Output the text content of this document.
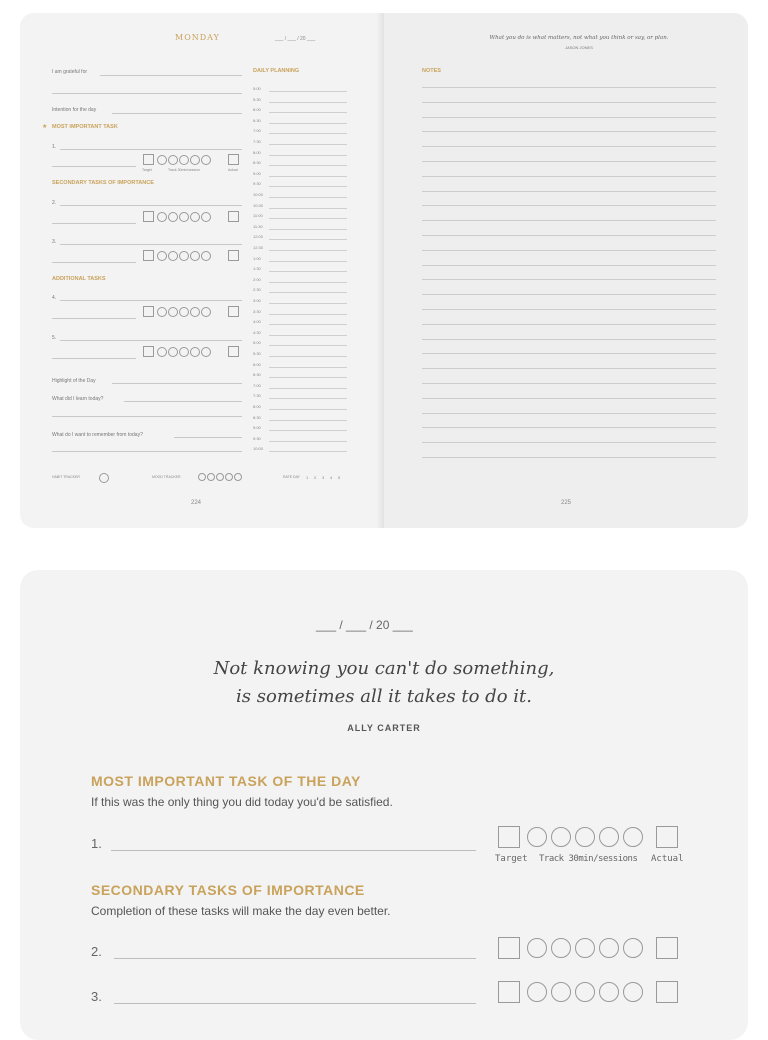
MONDAY	___ / ___ / 20 ___
I am grateful for
Intention for the day
★ MOST IMPORTANT TASK
1.
Target	Track 30min/session	Actual
SECONDARY TASKS OF IMPORTANCE
2.
3.
ADDITIONAL TASKS
4.
5.
Highlight of the Day
What did I learn today?
What do I want to remember from today?
HABIT TRACKER	MOOD TRACKER	RATE DAY 1 2 3 4 5
224
DAILY PLANNING
5:00
5:30
6:00
6:30
7:00
7:30
8:00
8:30
9:00
9:30
10:00
10:30
11:00
11:30
12:00
12:30
1:00
1:30
2:00
2:30
3:00
3:30
4:00
4:30
5:00
5:30
6:00
6:30
7:00
7:30
8:00
8:30
9:00
9:30
10:00
What you do is what matters, not what you think or say, or plan.
JASON JONES
NOTES
225
___ / ___ / 20 ___
Not knowing you can't do something,
is sometimes all it takes to do it.
ALLY CARTER
MOST IMPORTANT TASK OF THE DAY
If this was the only thing you did today you'd be satisfied.
1.
Target Track 30min/sessions Actual
SECONDARY TASKS OF IMPORTANCE
Completion of these tasks will make the day even better.
2.
3.
